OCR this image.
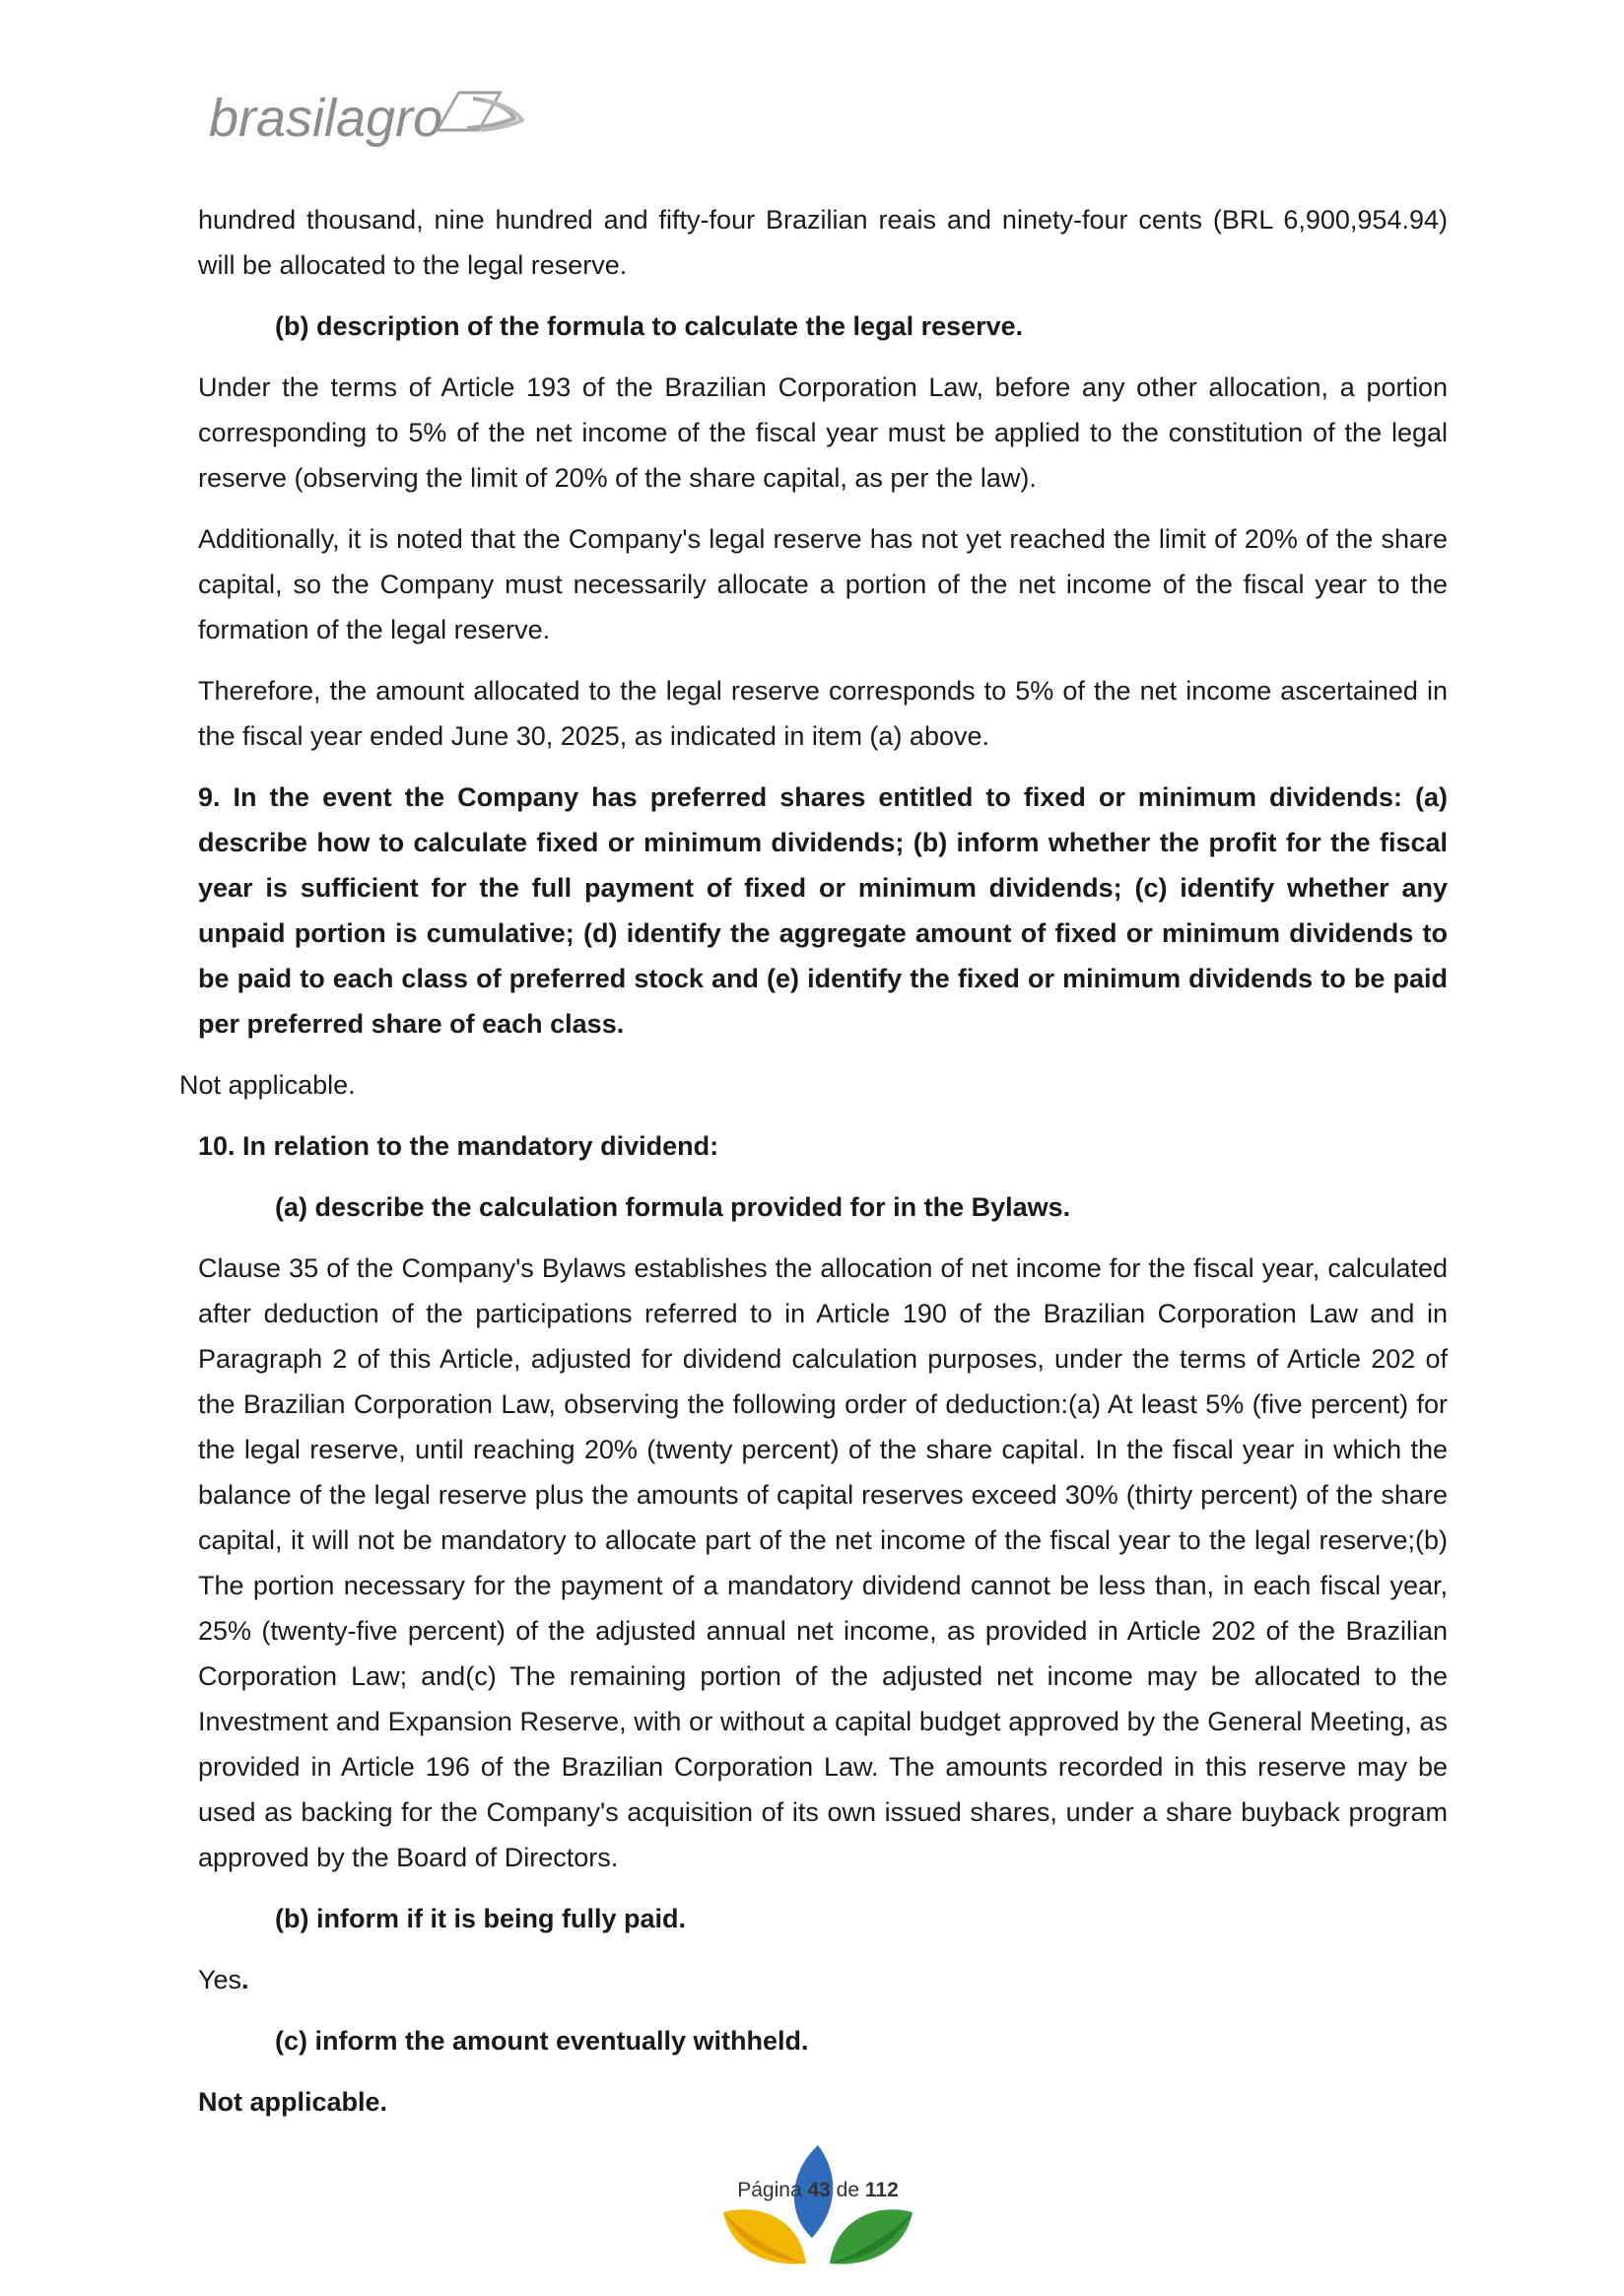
brasilagro

hundred thousand, nine hundred and fifty-four Brazilian reais and ninety-four cents (BRL 6,900,954.94) will be allocated to the legal reserve.

(b) description of the formula to calculate the legal reserve.

Under the terms of Article 193 of the Brazilian Corporation Law, before any other allocation, a portion corresponding to 5% of the net income of the fiscal year must be applied to the constitution of the legal reserve (observing the limit of 20% of the share capital, as per the law).

Additionally, it is noted that the Company's legal reserve has not yet reached the limit of 20% of the share capital, so the Company must necessarily allocate a portion of the net income of the fiscal year to the formation of the legal reserve.

Therefore, the amount allocated to the legal reserve corresponds to 5% of the net income ascertained in the fiscal year ended June 30, 2025, as indicated in item (a) above.

9. In the event the Company has preferred shares entitled to fixed or minimum dividends: (a) describe how to calculate fixed or minimum dividends; (b) inform whether the profit for the fiscal year is sufficient for the full payment of fixed or minimum dividends; (c) identify whether any unpaid portion is cumulative; (d) identify the aggregate amount of fixed or minimum dividends to be paid to each class of preferred stock and (e) identify the fixed or minimum dividends to be paid per preferred share of each class.

Not applicable.

10. In relation to the mandatory dividend:

(a) describe the calculation formula provided for in the Bylaws.

Clause 35 of the Company's Bylaws establishes the allocation of net income for the fiscal year, calculated after deduction of the participations referred to in Article 190 of the Brazilian Corporation Law and in Paragraph 2 of this Article, adjusted for dividend calculation purposes, under the terms of Article 202 of the Brazilian Corporation Law, observing the following order of deduction:(a) At least 5% (five percent) for the legal reserve, until reaching 20% (twenty percent) of the share capital. In the fiscal year in which the balance of the legal reserve plus the amounts of capital reserves exceed 30% (thirty percent) of the share capital, it will not be mandatory to allocate part of the net income of the fiscal year to the legal reserve;(b) The portion necessary for the payment of a mandatory dividend cannot be less than, in each fiscal year, 25% (twenty-five percent) of the adjusted annual net income, as provided in Article 202 of the Brazilian Corporation Law; and(c) The remaining portion of the adjusted net income may be allocated to the Investment and Expansion Reserve, with or without a capital budget approved by the General Meeting, as provided in Article 196 of the Brazilian Corporation Law. The amounts recorded in this reserve may be used as backing for the Company's acquisition of its own issued shares, under a share buyback program approved by the Board of Directors.

(b) inform if it is being fully paid.

Yes.

(c) inform the amount eventually withheld.

Not applicable.

Página 43 de 112
